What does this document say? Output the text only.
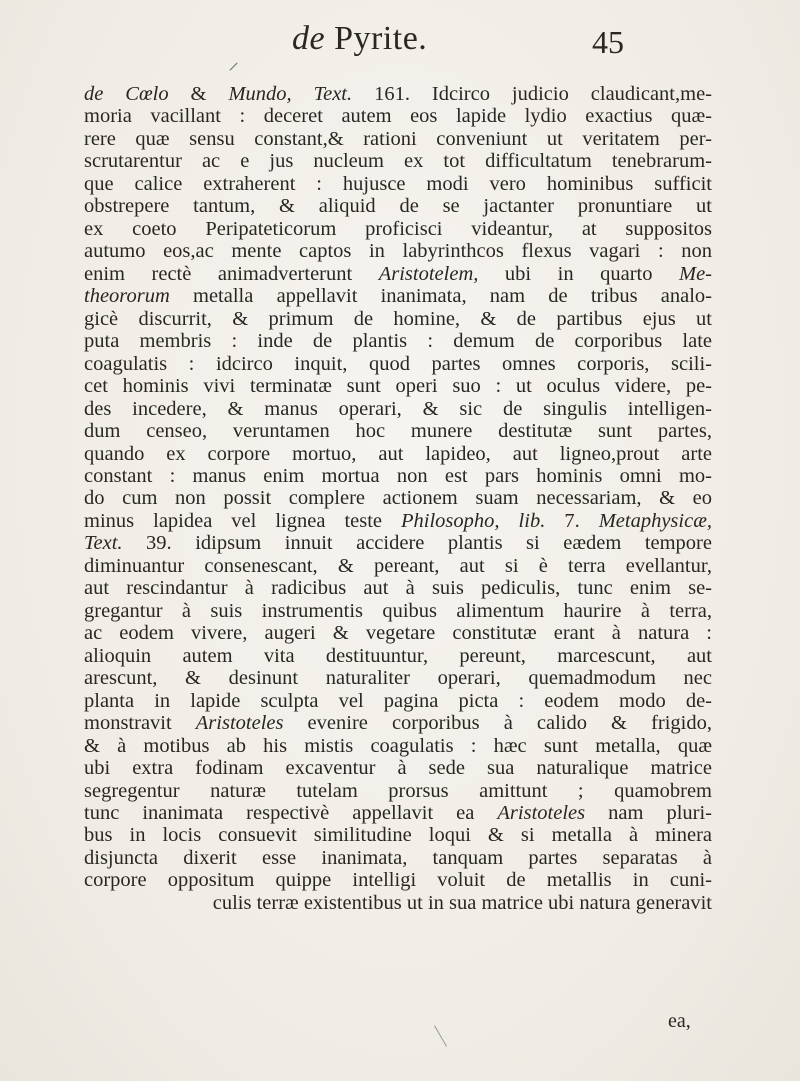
⸝
de Pyrite.	45
de Cœlo & Mundo, Text. 161. Idcirco judicio claudicant,me-
moria vacillant : deceret autem eos lapide lydio exactius quæ-
rere quæ sensu constant,& rationi conveniunt ut veritatem per-
scrutarentur ac e jus nucleum ex tot difficultatum tenebrarum-
que calice extraherent : hujusce modi vero hominibus sufficit
obstrepere tantum, & aliquid de se jactanter pronuntiare ut
ex coeto Peripateticorum proficisci videantur, at suppositos
autumo eos,ac mente captos in labyrinthcos flexus vagari : non
enim rectè animadverterunt Aristotelem, ubi in quarto Me-
theororum metalla appellavit inanimata, nam de tribus analo-
gicè discurrit, & primum de homine, & de partibus ejus ut
puta membris : inde de plantis : demum de corporibus late
coagulatis : idcirco inquit, quod partes omnes corporis, scili-
cet hominis vivi terminatæ sunt operi suo : ut oculus videre, pe-
des incedere, & manus operari, & sic de singulis intelligen-
dum censeo, veruntamen hoc munere destitutæ sunt partes,
quando ex corpore mortuo, aut lapideo, aut ligneo,prout arte
constant : manus enim mortua non est pars hominis omni mo-
do cum non possit complere actionem suam necessariam, & eo
minus lapidea vel lignea teste Philosopho, lib. 7. Metaphysicæ,
Text. 39. idipsum innuit accidere plantis si eædem tempore
diminuantur consenescant, & pereant, aut si è terra evellantur,
aut rescindantur à radicibus aut à suis pediculis, tunc enim se-
gregantur à suis instrumentis quibus alimentum haurire à terra,
ac eodem vivere, augeri & vegetare constitutæ erant à natura :
alioquin autem vita destituuntur, pereunt, marcescunt, aut
arescunt, & desinunt naturaliter operari, quemadmodum nec
planta in lapide sculpta vel pagina picta : eodem modo de-
monstravit Aristoteles evenire corporibus à calido & frigido,
& à motibus ab his mistis coagulatis : hæc sunt metalla, quæ
ubi extra fodinam excaventur à sede sua naturalique matrice
segregentur naturæ tutelam prorsus amittunt ; quamobrem
tunc inanimata respectivè appellavit ea Aristoteles nam pluri-
bus in locis consuevit similitudine loqui & si metalla à minera
disjuncta dixerit esse inanimata, tanquam partes separatas à
corpore oppositum quippe intelligi voluit de metallis in cuni-
culis terræ existentibus ut in sua matrice ubi natura generavit
ea,
